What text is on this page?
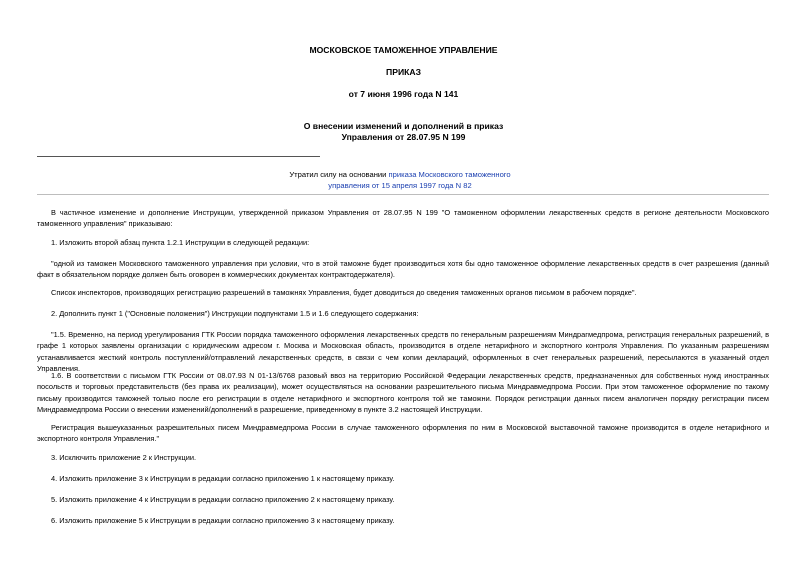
МОСКОВСКОЕ ТАМОЖЕННОЕ УПРАВЛЕНИЕ
ПРИКАЗ
от 7 июня 1996 года N 141
О внесении изменений и дополнений в приказ
Управления от 28.07.95 N 199
Утратил силу на основании приказа Московского таможенного
управления от 15 апреля 1997 года N 82

В частичное изменение и дополнение Инструкции, утвержденной приказом Управления от 28.07.95 N 199 "О таможенном оформлении лекарственных средств в регионе деятельности Московского таможенного управления" приказываю:

1. Изложить второй абзац пункта 1.2.1 Инструкции в следующей редакции:

"одной из таможен Московского таможенного управления при условии, что в этой таможне будет производиться хотя бы одно таможенное оформление лекарственных средств в счет разрешения (данный факт в обязательном порядке должен быть оговорен в коммерческих документах контрактодержателя).

Список инспекторов, производящих регистрацию разрешений в таможнях Управления, будет доводиться до сведения таможенных органов письмом в рабочем порядке".

2. Дополнить пункт 1 ("Основные положения") Инструкции подпунктами 1.5 и 1.6 следующего содержания:

"1.5. Временно, на период урегулирования ГТК России порядка таможенного оформления лекарственных средств по генеральным разрешениям Миндрагмедпрома, регистрация генеральных разрешений, в графе 1 которых заявлены организации с юридическим адресом г. Москва и Московская область, производится в отделе нетарифного и экспортного контроля Управления. По указанным разрешениям устанавливается жесткий контроль поступлений/отправлений лекарственных средств, в связи с чем копии деклараций, оформленных в счет генеральных разрешений, пересылаются в указанный отдел Управления.

1.6. В соответствии с письмом ГТК России от 08.07.93 N 01-13/6768 разовый ввоз на территорию Российской Федерации лекарственных средств, предназначенных для собственных нужд иностранных посольств и торговых представительств (без права их реализации), может осуществляться на основании разрешительного письма Миндравмедпрома России. При этом таможенное оформление по такому письму производится таможней только после его регистрации в отделе нетарифного и экспортного контроля той же таможни. Порядок регистрации данных писем аналогичен порядку регистрации писем Миндравмедпрома России о внесении изменений/дополнений в разрешение, приведенному в пункте 3.2 настоящей Инструкции.

Регистрация вышеуказанных разрешительных писем Миндравмедпрома России в случае таможенного оформления по ним в Московской выставочной таможне производится в отделе нетарифного и экспортного контроля Управления."

3. Исключить приложение 2 к Инструкции.

4. Изложить приложение 3 к Инструкции в редакции согласно приложению 1 к настоящему приказу.

5. Изложить приложение 4 к Инструкции в редакции согласно приложению 2 к настоящему приказу.

6. Изложить приложение 5 к Инструкции в редакции согласно приложению 3 к настоящему приказу.
